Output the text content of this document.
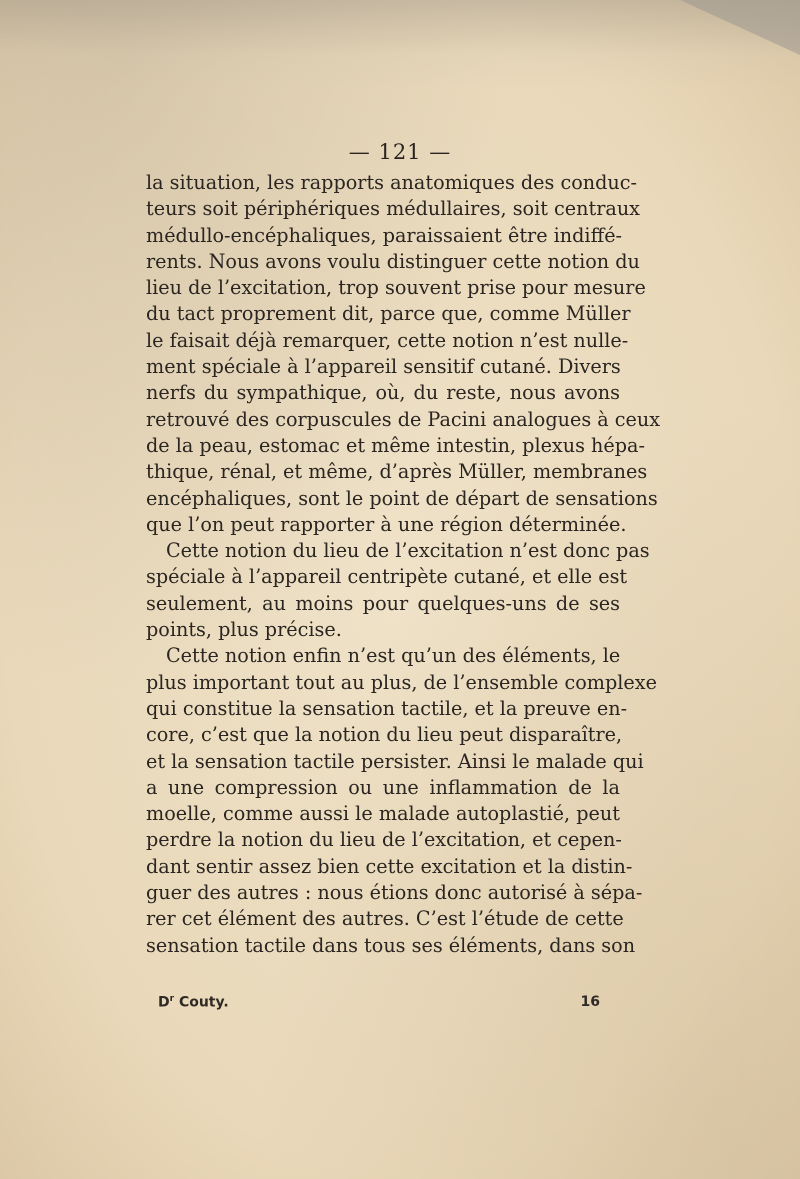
— 121 —
la situation, les rapports anatomiques des conduc-
teurs soit périphériques médullaires, soit centraux
médullo-encéphaliques, paraissaient être indiffé-
rents. Nous avons voulu distinguer cette notion du
lieu de l’excitation, trop souvent prise pour mesure
du tact proprement dit, parce que, comme Müller
le faisait déjà remarquer, cette notion n’est nulle-
ment spéciale à l’appareil sensitif cutané. Divers
nerfs du sympathique, où, du reste, nous avons
retrouvé des corpuscules de Pacini analogues à ceux
de la peau, estomac et même intestin, plexus hépa-
thique, rénal, et même, d’après Müller, membranes
encéphaliques, sont le point de départ de sensations
que l’on peut rapporter à une région déterminée.
Cette notion du lieu de l’excitation n’est donc pas
spéciale à l’appareil centripète cutané, et elle est
seulement, au moins pour quelques-uns de ses
points, plus précise.
Cette notion enfin n’est qu’un des éléments, le
plus important tout au plus, de l’ensemble complexe
qui constitue la sensation tactile, et la preuve en-
core, c’est que la notion du lieu peut disparaître,
et la sensation tactile persister. Ainsi le malade qui
a une compression ou une inflammation de la
moelle, comme aussi le malade autoplastié, peut
perdre la notion du lieu de l’excitation, et cepen-
dant sentir assez bien cette excitation et la distin-
guer des autres : nous étions donc autorisé à sépa-
rer cet élément des autres. C’est l’étude de cette
sensation tactile dans tous ses éléments, dans son
$D^r$ Couty.	16
